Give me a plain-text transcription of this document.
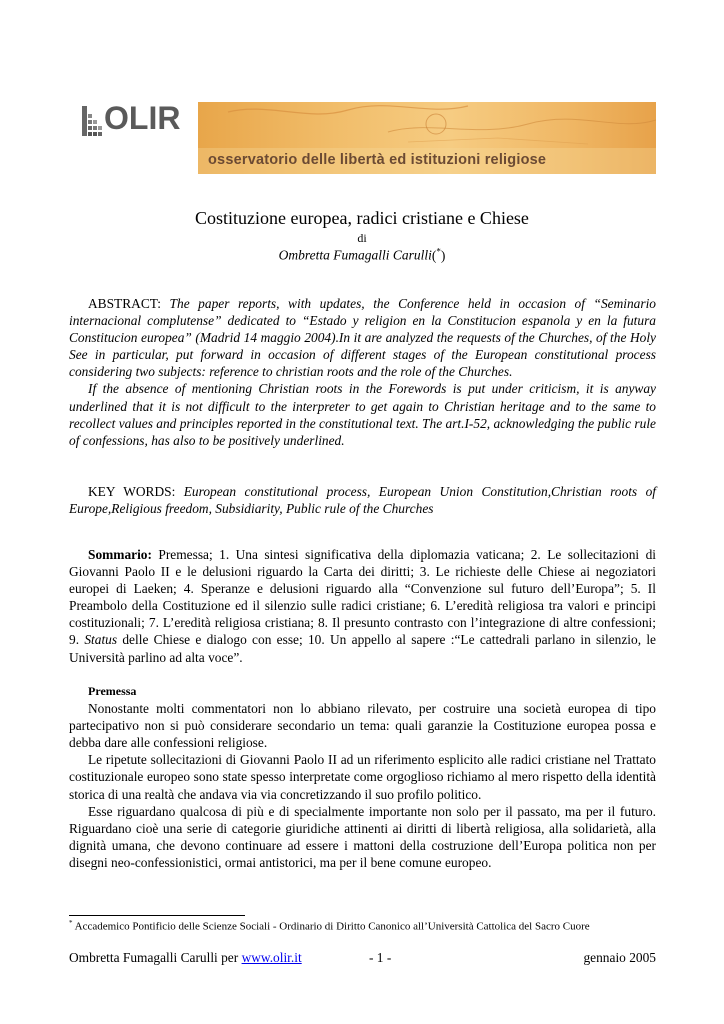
OLIR
osservatorio delle libertà ed istituzioni religiose
Costituzione europea, radici cristiane e Chiese
di
Ombretta Fumagalli Carulli(*)

ABSTRACT: The paper reports, with updates, the Conference held in occasion of “Seminario internacional complutense” dedicated to “Estado y religion en la Constitucion espanola y en la futura Constitucion europea” (Madrid 14 maggio 2004).In it are analyzed the requests of the Churches, of the Holy See in particular, put forward in occasion of different stages of the European constitutional process considering two subjects: reference to christian roots and the role of the Churches.

If the absence of mentioning Christian roots in the Forewords is put under criticism, it is anyway underlined that it is not difficult to the interpreter to get again to Christian heritage and to the same to recollect values and principles reported in the constitutional text. The art.I-52, acknowledging the public rule of confessions, has also to be positively underlined.

KEY WORDS: European constitutional process, European Union Constitution,Christian roots of Europe,Religious freedom, Subsidiarity, Public rule of the Churches

Sommario: Premessa; 1. Una sintesi significativa della diplomazia vaticana; 2. Le sollecitazioni di Giovanni Paolo II e le delusioni riguardo la Carta dei diritti; 3. Le richieste delle Chiese ai negoziatori europei di Laeken; 4. Speranze e delusioni riguardo alla “Convenzione sul futuro dell’Europa”; 5. Il Preambolo della Costituzione ed il silenzio sulle radici cristiane; 6. L’eredità religiosa tra valori e principi costituzionali; 7. L’eredità religiosa cristiana; 8. Il presunto contrasto con l’integrazione di altre confessioni; 9. Status delle Chiese e dialogo con esse; 10. Un appello al sapere :“Le cattedrali parlano in silenzio, le Università parlino ad alta voce”.

Premessa

Nonostante molti commentatori non lo abbiano rilevato, per costruire una società europea di tipo partecipativo non si può considerare secondario un tema: quali garanzie la Costituzione europea possa e debba dare alle confessioni religiose.

Le ripetute sollecitazioni di Giovanni Paolo II ad un riferimento esplicito alle radici cristiane nel Trattato costituzionale europeo sono state spesso interpretate come orgoglioso richiamo al mero rispetto della identità storica di una realtà che andava via via concretizzando il suo profilo politico.

Esse riguardano qualcosa di più e di specialmente importante non solo per il passato, ma per il futuro. Riguardano cioè una serie di categorie giuridiche attinenti ai diritti di libertà religiosa, alla solidarietà, alla dignità umana, che devono continuare ad essere i mattoni della costruzione dell’Europa politica non per disegni neo-confessionistici, ormai antistorici, ma per il bene comune europeo.

* Accademico Pontificio delle Scienze Sociali - Ordinario di Diritto Canonico all’Università Cattolica del Sacro Cuore
Ombretta Fumagalli Carulli per www.olir.it	- 1 -	gennaio 2005
